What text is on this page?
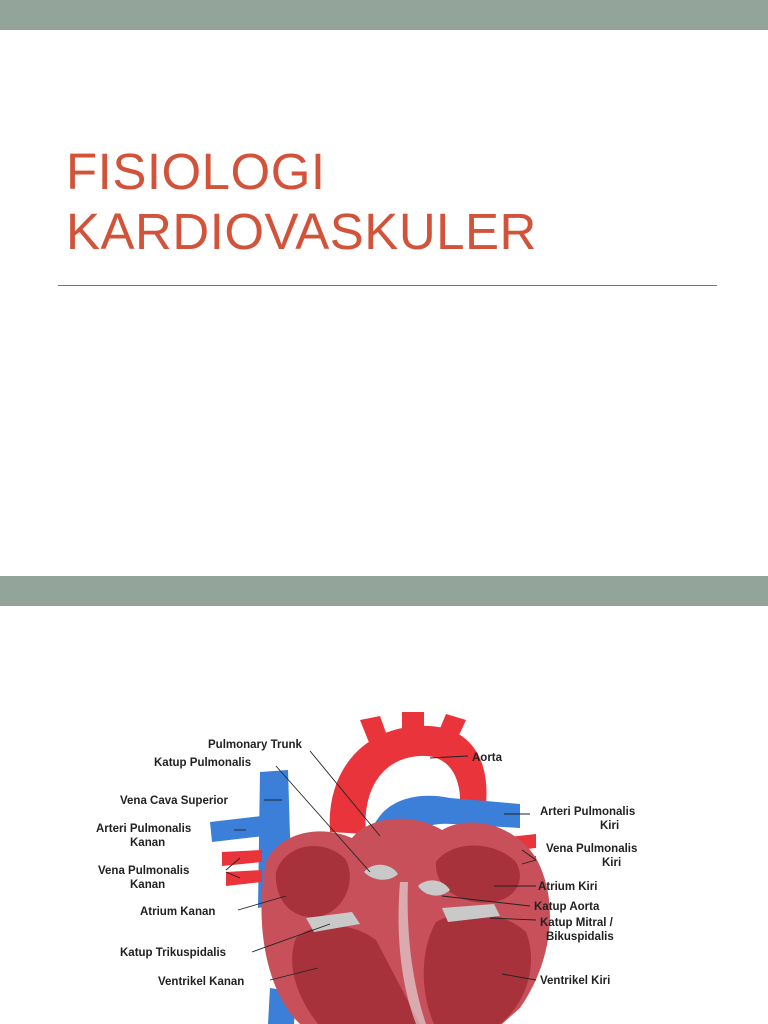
FISIOLOGI
KARDIOVASKULER
Pulmonary Trunk
Katup Pulmonalis
Vena Cava Superior
Arteri Pulmonalis
Kanan
Vena Pulmonalis
Kanan
Atrium Kanan
Katup Trikuspidalis
Ventrikel Kanan
Aorta
Arteri Pulmonalis
Kiri
Vena Pulmonalis
Kiri
Atrium Kiri
Katup Aorta
Katup Mitral /
Bikuspidalis
Ventrikel Kiri
